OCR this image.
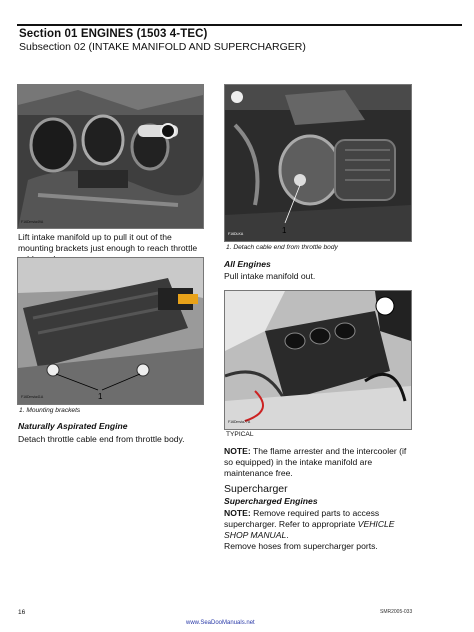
Section 01 ENGINES (1503 4-TEC)
Subsection 02 (INTAKE MANIFOLD AND SUPERCHARGER)
F16Dmvia49A
Lift intake manifold up to pull it out of the mounting brackets just enough to reach throttle
1
F16Dmvia41A
1. Mounting brackets
Naturally Aspirated Engine
Detach throttle cable end from throttle body.
1
F16DLKA
1. Detach cable end from throttle body
All Engines
Pull intake manifold out.
F16Dmvia77A
TYPICAL
NOTE: The flame arrester and the intercooler (if so equipped) in the intake manifold are maintenance free.
Supercharger
Supercharged Engines
NOTE: Remove required parts to access supercharger. Refer to appropriate VEHICLE SHOP MANUAL.
Remove hoses from supercharger ports.
16	SMR2005-033
www.SeaDooManuals.net
